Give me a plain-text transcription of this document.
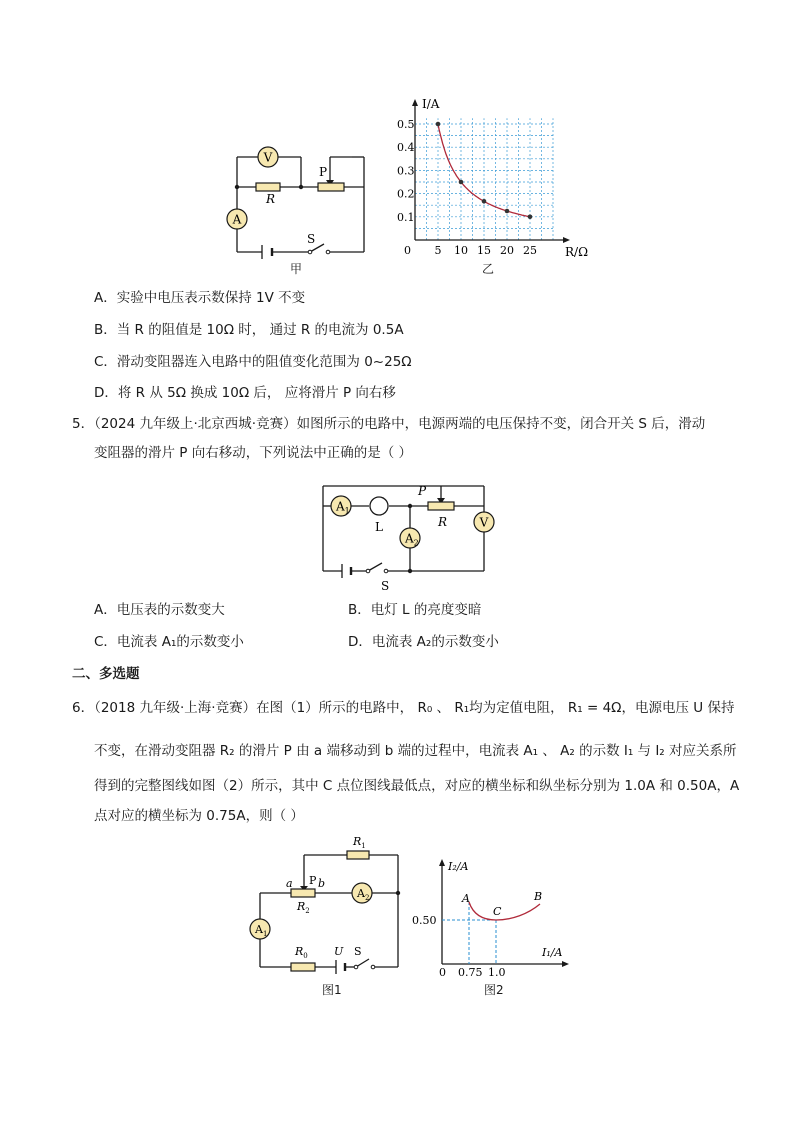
V
A
R
P
S
甲
I/A
R/Ω
0.5
0.4
0.3
0.2
0.1
0 5 10 15 20 25
乙
A．实验中电压表示数保持 1V 不变
B．当 R 的阻值是 10Ω 时， 通过 R 的电流为 0.5A
C．滑动变阻器连入电路中的阻值变化范围为 0~25Ω
D．将 R 从 5Ω 换成 10Ω 后， 应将滑片 P 向右移
5．（2024 九年级上·北京西城·竞赛）如图所示的电路中，电源两端的电压保持不变，闭合开关 S 后，滑动
变阻器的滑片 P 向右移动，下列说法中正确的是（ ）
$A_1$
$A_2$
V
L
P
R
S
A．电压表的示数变大	B．电灯 L 的亮度变暗
C．电流表 A₁的示数变小	D．电流表 A₂的示数变小
二、多选题
6．（2018 九年级·上海·竞赛）在图（1）所示的电路中， R₀ 、 R₁均为定值电阻， R₁ = 4Ω，电源电压 U 保持
不变，在滑动变阻器 R₂ 的滑片 P 由 a 端移动到 b 端的过程中，电流表 A₁ 、 A₂ 的示数 I₁ 与 I₂ 对应关系所
得到的完整图线如图（2）所示，其中 C 点位图线最低点，对应的横坐标和纵坐标分别为 1.0A 和 0.50A，A
点对应的横坐标为 0.75A，则（ ）
$A_2$
$A_1$
$R_1$
$R_2$
$R_0$
a P b
U S
图1
I₂/A
I₁/A
0.50
0 0.75 1.0
A
C
B
图2
